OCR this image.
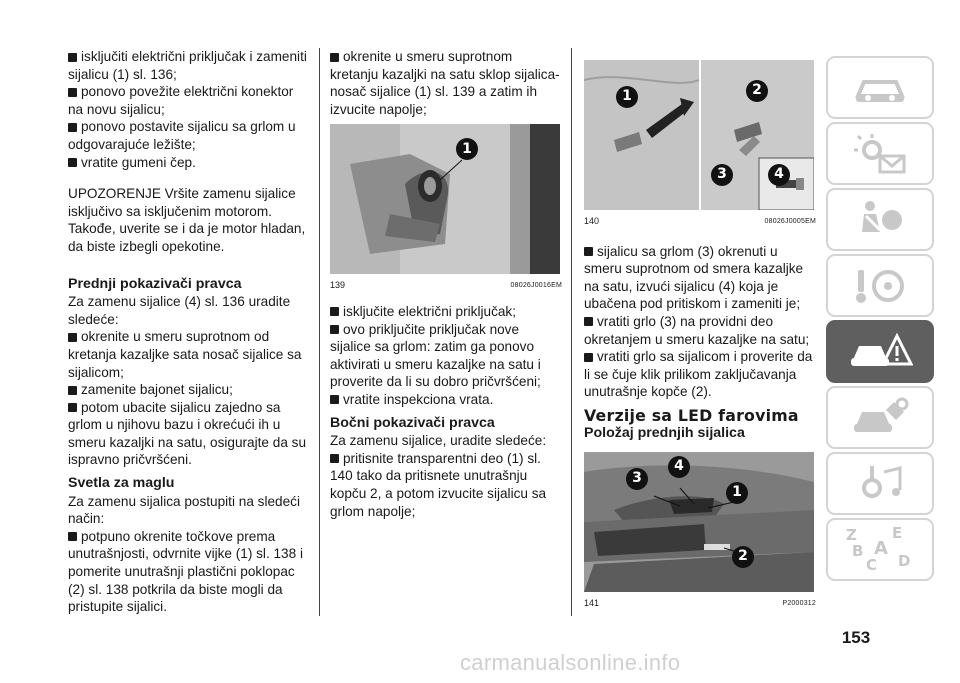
isključiti električni priključak i zameniti sijalicu (1) sl. 136;

ponovo povežite električni konektor na novu sijalicu;

ponovo postavite sijalicu sa grlom u odgovarajuće ležište;

vratite gumeni čep.

UPOZORENJE Vršite zamenu sijalice isključivo sa isključenim motorom. Takođe, uverite se i da je motor hladan, da biste izbegli opekotine.

Prednji pokazivači pravca

Za zamenu sijalice (4) sl. 136 uradite sledeće:

okrenite u smeru suprotnom od kretanja kazaljke sata nosač sijalice sa sijalicom;

zamenite bajonet sijalicu;

potom ubacite sijalicu zajedno sa grlom u njihovu bazu i okrećući ih u smeru kazaljki na satu, osigurajte da su ispravno pričvršćeni.

Svetla za maglu

Za zamenu sijalica postupiti na sledeći način:

potpuno okrenite točkove prema unutrašnjosti, odvrnite vijke (1) sl. 138 i pomerite unutrašnji plastični poklopac (2) sl. 138 potkrila da biste mogli da pristupite sijalici.

okrenite u smeru suprotnom kretanju kazaljki na satu sklop sijalica-nosač sijalice (1) sl. 139 a zatim ih izvucite napolje;

1
139	08026J0016EM

isključite električni priključak;

ovo priključite priključak nove sijalice sa grlom: zatim ga ponovo aktivirati u smeru kazaljke na satu i proverite da li su dobro pričvršćeni;

vratite inspekciona vrata.

Bočni pokazivači pravca

Za zamenu sijalice, uradite sledeće:

pritisnite transparentni deo (1) sl. 140 tako da pritisnete unutrašnju kopču 2, a potom izvucite sijalicu sa grlom napolje;

1	2
3	4
140	08026J0005EM

sijalicu sa grlom (3) okrenuti u smeru suprotnom od smera kazaljke na satu, izvući sijalicu (4) koja je ubačena pod pritiskom i zameniti je;

vratiti grlo (3) na providni deo okretanjem u smeru kazaljke na satu;

vratiti grlo sa sijalicom i proverite da li se čuje klik prilikom zaključavanja unutrašnje kopče (2).

Verzije sa LED farovima

Položaj prednjih sijalica

3
4
1
2
141	P2000312
Z E
B A
C D
153
carmanualsonline.info
